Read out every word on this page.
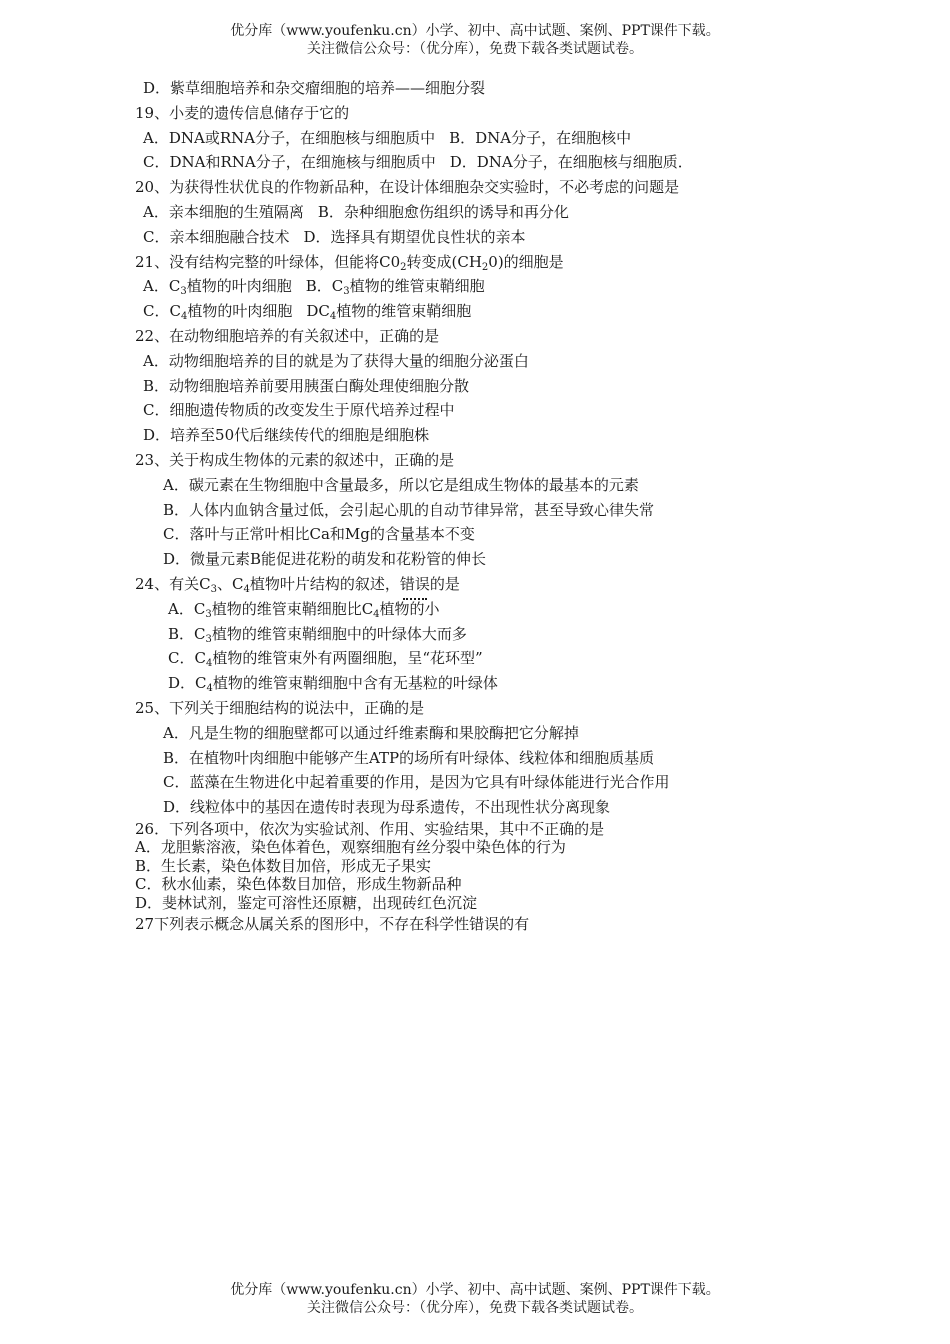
优分库（www.youfenku.cn）小学、初中、高中试题、案例、PPT课件下载。
关注微信公众号：（优分库），免费下载各类试题试卷。
D．紫草细胞培养和杂交瘤细胞的培养——细胞分裂
19、小麦的遗传信息储存于它的
A．DNA或RNA分子，在细胞核与细胞质中 B．DNA分子，在细胞核中
C．DNA和RNA分子，在细施核与细胞质中 D．DNA分子，在细胞核与细胞质．
20、为获得性状优良的作物新品种，在设计体细胞杂交实验时，不必考虑的问题是
A．亲本细胞的生殖隔离 B．杂种细胞愈伤组织的诱导和再分化
C．亲本细胞融合技术 D．选择具有期望优良性状的亲本
21、没有结构完整的叶绿体，但能将$C0_2$转变成$(CH_20)$的细胞是
A．$C_3$植物的叶肉细胞 B．$C_3$植物的维管束鞘细胞
C．$C_4$植物的叶肉细胞 $DC_4$植物的维管束鞘细胞
22、在动物细胞培养的有关叙述中，正确的是
A．动物细胞培养的目的就是为了获得大量的细胞分泌蛋白
B．动物细胞培养前要用胰蛋白酶处理使细胞分散
C．细胞遗传物质的改变发生于原代培养过程中
D．培养至50代后继续传代的细胞是细胞株
23、关于构成生物体的元素的叙述中，正确的是
A．碳元素在生物细胞中含量最多，所以它是组成生物体的最基本的元素
B．人体内血钠含量过低，会引起心肌的自动节律异常，甚至导致心律失常
C．落叶与正常叶相比Ca和Mg的含量基本不变
D．微量元素B能促进花粉的萌发和花粉管的伸长
24、有关$C_3$、$C_4$植物叶片结构的叙述，错误的是
A．$C_3$植物的维管束鞘细胞比$C_4$植物的小
B．$C_3$植物的维管束鞘细胞中的叶绿体大而多
C．$C_4$植物的维管束外有两圈细胞，呈“花环型”
D．$C_4$植物的维管束鞘细胞中含有无基粒的叶绿体
25、下列关于细胞结构的说法中，正确的是
A．凡是生物的细胞壁都可以通过纤维素酶和果胶酶把它分解掉
B．在植物叶肉细胞中能够产生ATP的场所有叶绿体、线粒体和细胞质基质
C．蓝藻在生物进化中起着重要的作用，是因为它具有叶绿体能进行光合作用
D．线粒体中的基因在遗传时表现为母系遗传，不出现性状分离现象
26．下列各项中，依次为实验试剂、作用、实验结果，其中不正确的是
A．龙胆紫溶液，染色体着色，观察细胞有丝分裂中染色体的行为
B．生长素，染色体数目加倍，形成无子果实
C．秋水仙素，染色体数目加倍，形成生物新品种
D．斐林试剂，鉴定可溶性还原糖，出现砖红色沉淀
27下列表示概念从属关系的图形中，不存在科学性错误的有
优分库（www.youfenku.cn）小学、初中、高中试题、案例、PPT课件下载。
关注微信公众号：（优分库），免费下载各类试题试卷。
